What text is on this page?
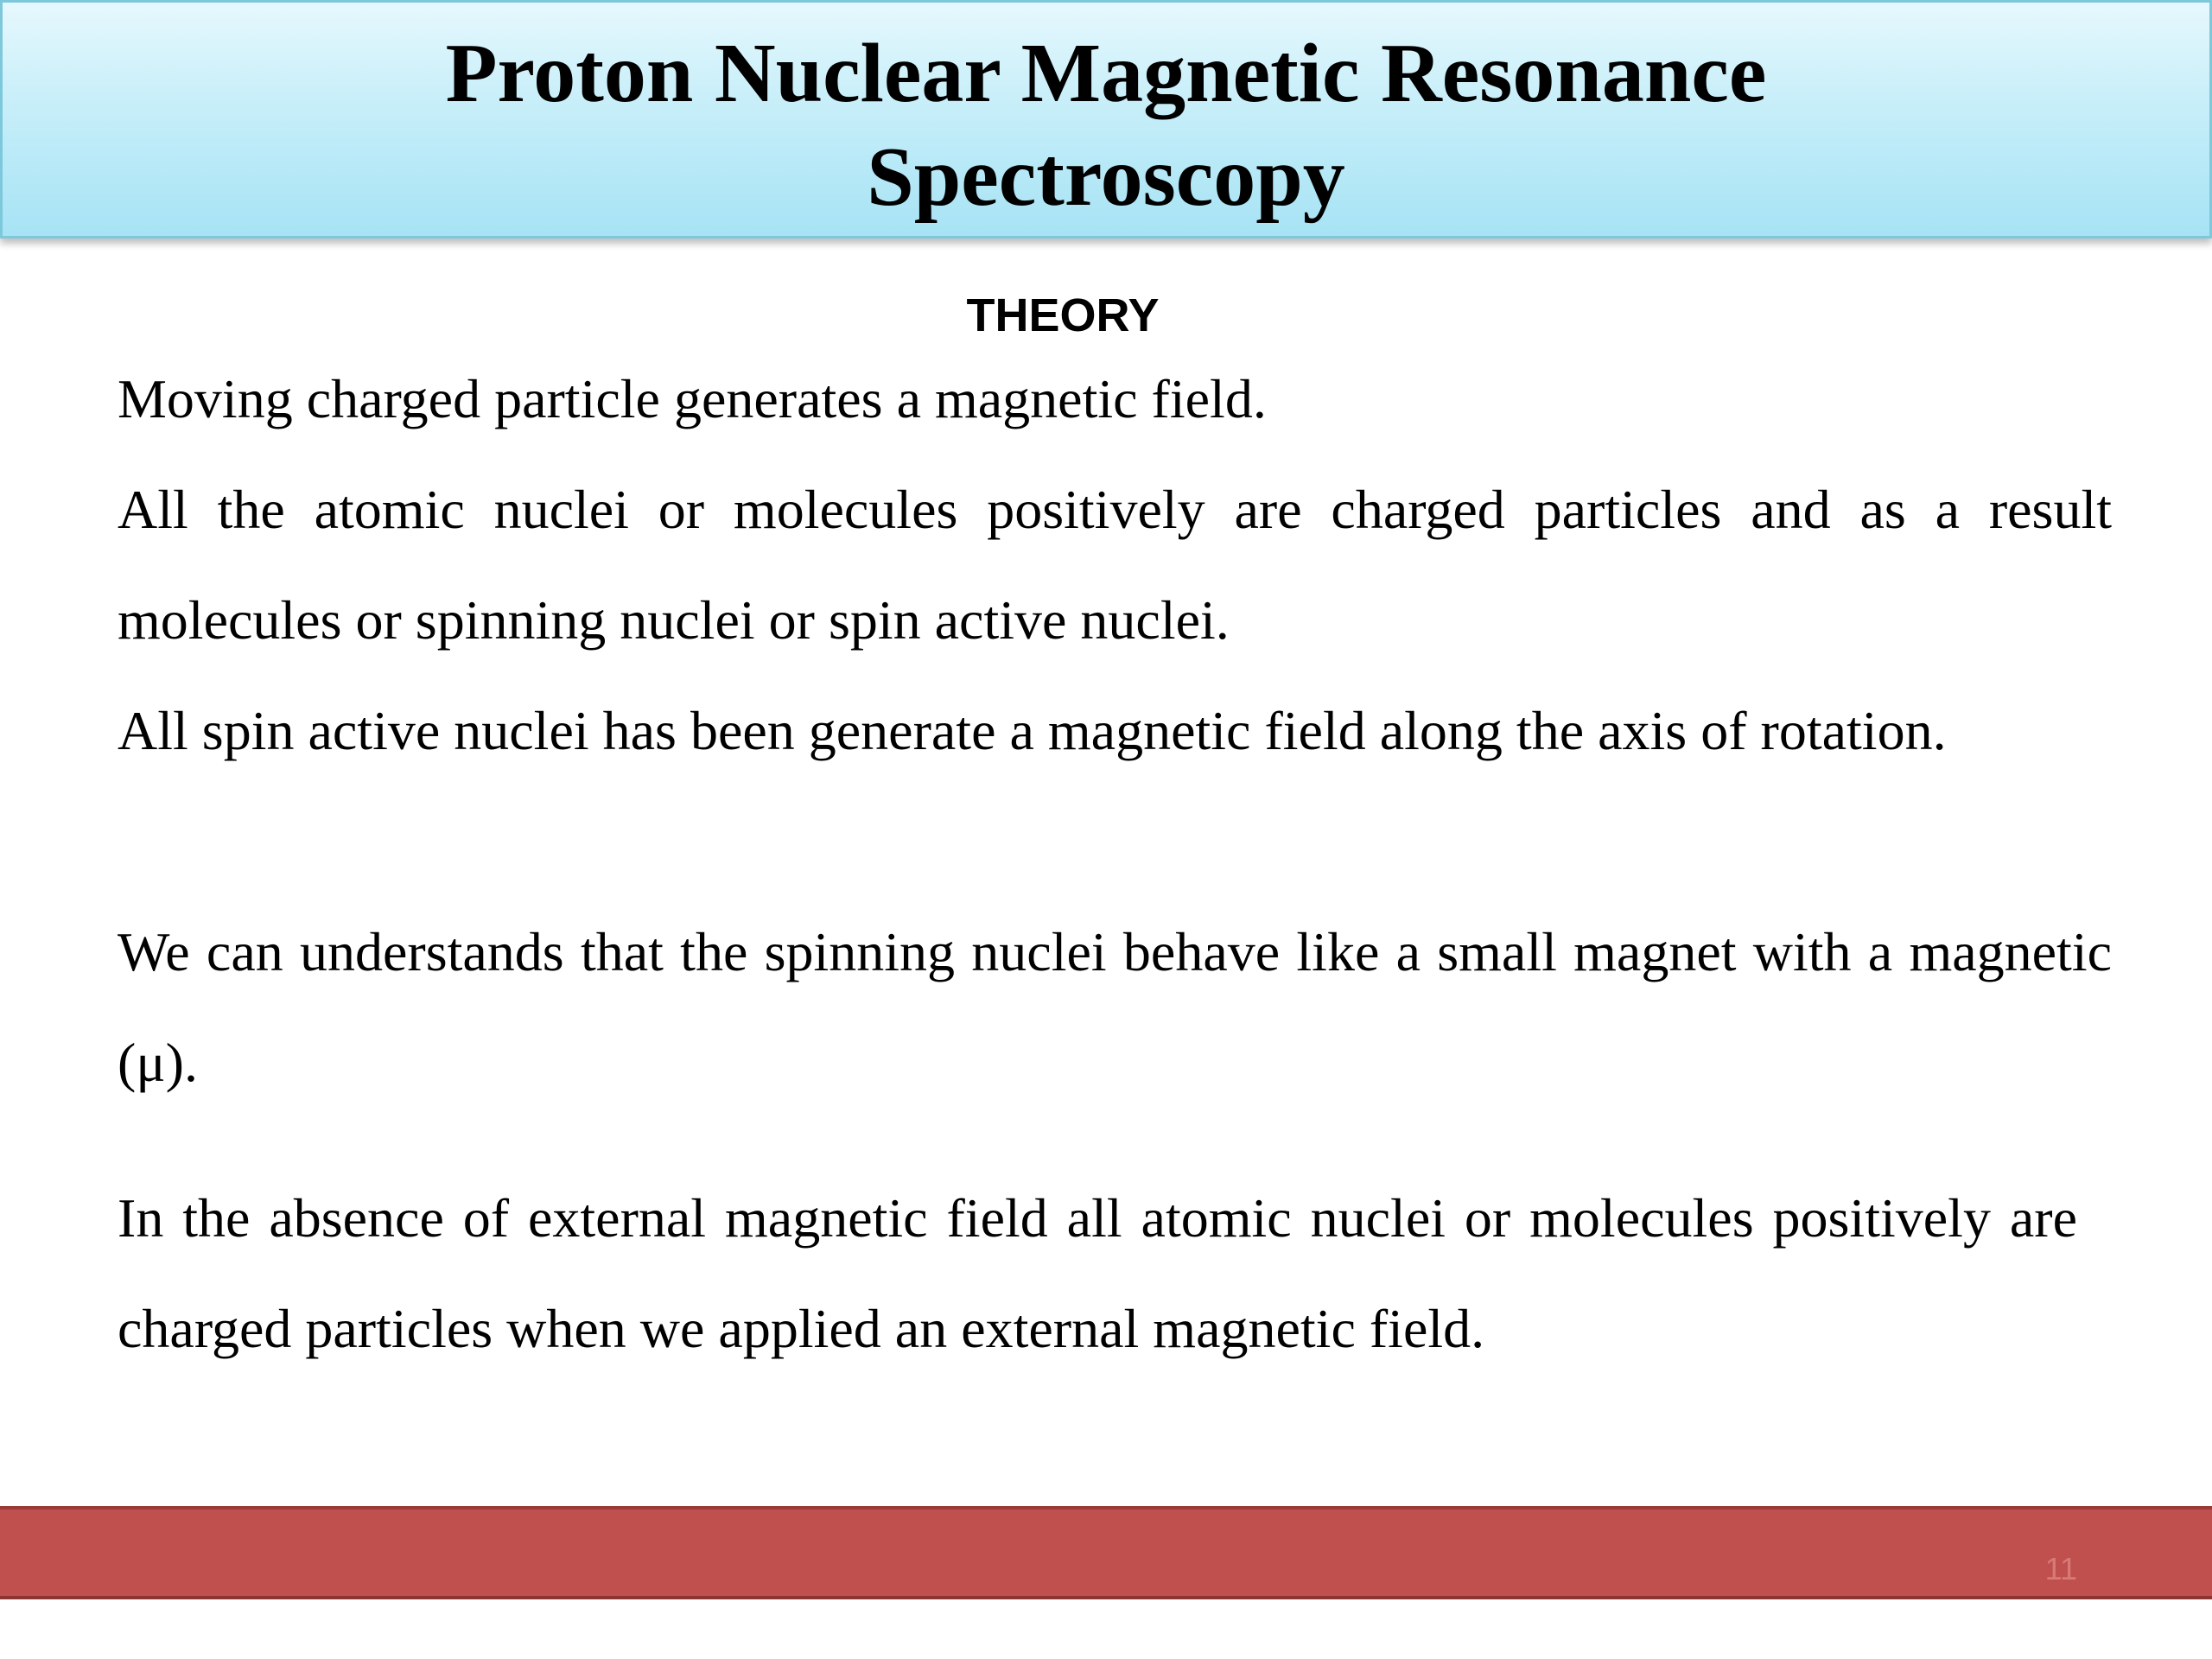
Proton Nuclear Magnetic Resonance
Spectroscopy
THEORY

Moving charged particle generates a magnetic field.

All the atomic nuclei or molecules positively are charged particles and as a result molecules or spinning nuclei or spin active nuclei.

All spin active nuclei has been generate a magnetic field along the axis of rotation.

We can understands that the spinning nuclei behave like a small magnet with a magnetic (μ).

In the absence of external magnetic field all atomic nuclei or molecules positively are charged particles when we applied an external magnetic field.

11
